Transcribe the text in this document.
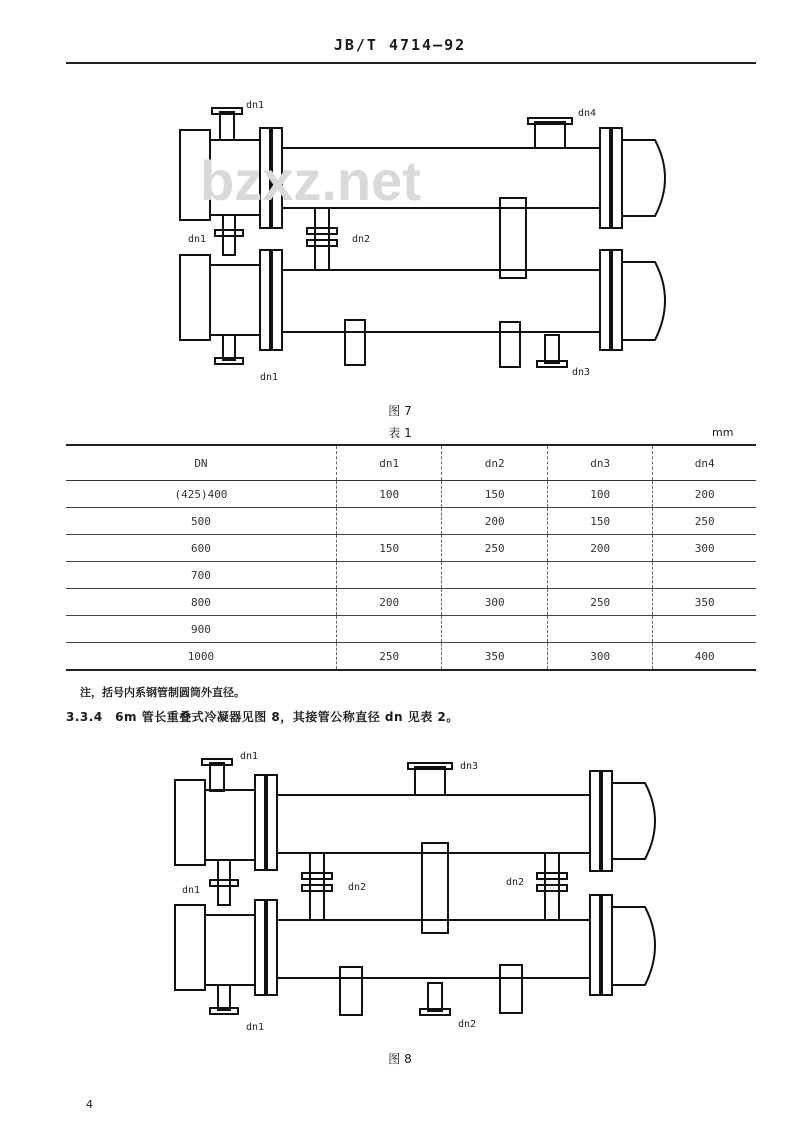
JB/T 4714—92
bzxz.net
dn1
dn4
dn1	dn2
dn1	dn3
图 7
表 1	mm
DN	dn1	dn2	dn3	dn4
(425)400	100	150	100	200
500		200	150	250
600	150	250	200	300
700				
800	200	300	250	350
900				
1000	250	350	300	400
注，括号内系钢管制圆筒外直径。
3.3.4　6m 管长重叠式冷凝器见图 8，其接管公称直径 dn 见表 2。
dn1
dn3
dn1	dn2	dn2
dn1	dn2
图 8
4
